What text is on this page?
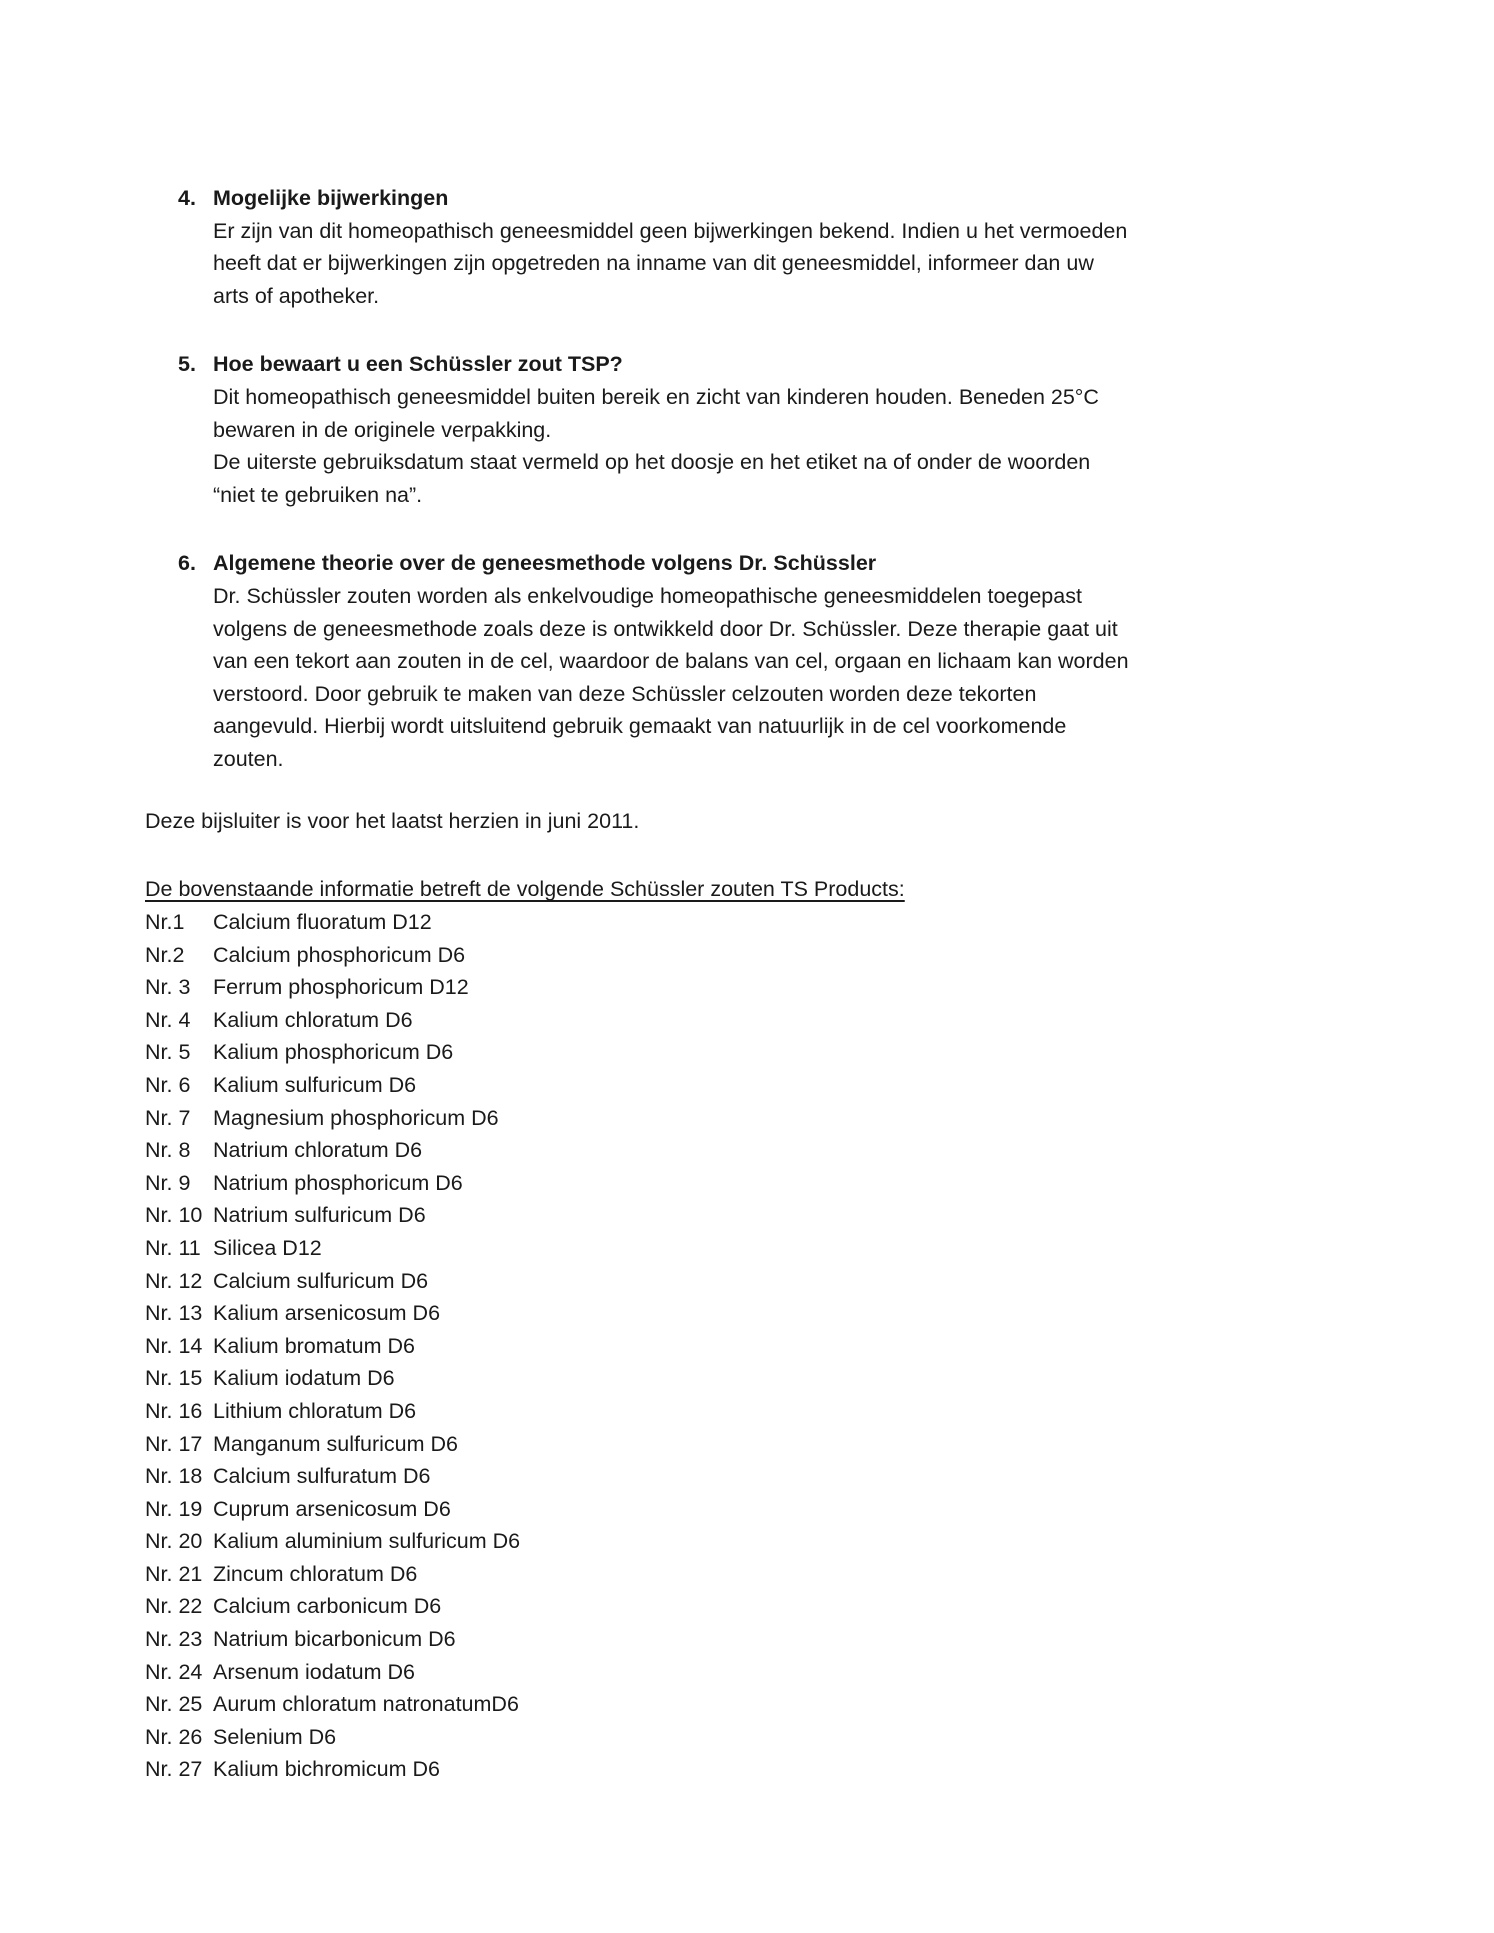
4. Mogelijke bijwerkingen
Er zijn van dit homeopathisch geneesmiddel geen bijwerkingen bekend. Indien u het vermoeden
heeft dat er bijwerkingen zijn opgetreden na inname van dit geneesmiddel, informeer dan uw
arts of apotheker.
5. Hoe bewaart u een Schüssler zout TSP?
Dit homeopathisch geneesmiddel buiten bereik en zicht van kinderen houden. Beneden 25°C
bewaren in de originele verpakking.
De uiterste gebruiksdatum staat vermeld op het doosje en het etiket na of onder de woorden
“niet te gebruiken na”.
6. Algemene theorie over de geneesmethode volgens Dr. Schüssler
Dr. Schüssler zouten worden als enkelvoudige homeopathische geneesmiddelen toegepast
volgens de geneesmethode zoals deze is ontwikkeld door Dr. Schüssler. Deze therapie gaat uit
van een tekort aan zouten in de cel, waardoor de balans van cel, orgaan en lichaam kan worden
verstoord. Door gebruik te maken van deze Schüssler celzouten worden deze tekorten
aangevuld. Hierbij wordt uitsluitend gebruik gemaakt van natuurlijk in de cel voorkomende
zouten.
Deze bijsluiter is voor het laatst herzien in juni 2011.
De bovenstaande informatie betreft de volgende Schüssler zouten TS Products:
Nr.1	Calcium fluoratum D12
Nr.2	Calcium phosphoricum D6
Nr. 3	Ferrum phosphoricum D12
Nr. 4	Kalium chloratum D6
Nr. 5	Kalium phosphoricum D6
Nr. 6	Kalium sulfuricum D6
Nr. 7	Magnesium phosphoricum D6
Nr. 8	Natrium chloratum D6
Nr. 9	Natrium phosphoricum D6
Nr. 10 Natrium sulfuricum D6
Nr. 11 Silicea D12
Nr. 12 Calcium sulfuricum D6
Nr. 13 Kalium arsenicosum D6
Nr. 14 Kalium bromatum D6
Nr. 15 Kalium iodatum D6
Nr. 16 Lithium chloratum D6
Nr. 17 Manganum sulfuricum D6
Nr. 18 Calcium sulfuratum D6
Nr. 19 Cuprum arsenicosum D6
Nr. 20 Kalium aluminium sulfuricum D6
Nr. 21 Zincum chloratum D6
Nr. 22 Calcium carbonicum D6
Nr. 23 Natrium bicarbonicum D6
Nr. 24 Arsenum iodatum D6
Nr. 25 Aurum chloratum natronatumD6
Nr. 26 Selenium D6
Nr. 27 Kalium bichromicum D6
